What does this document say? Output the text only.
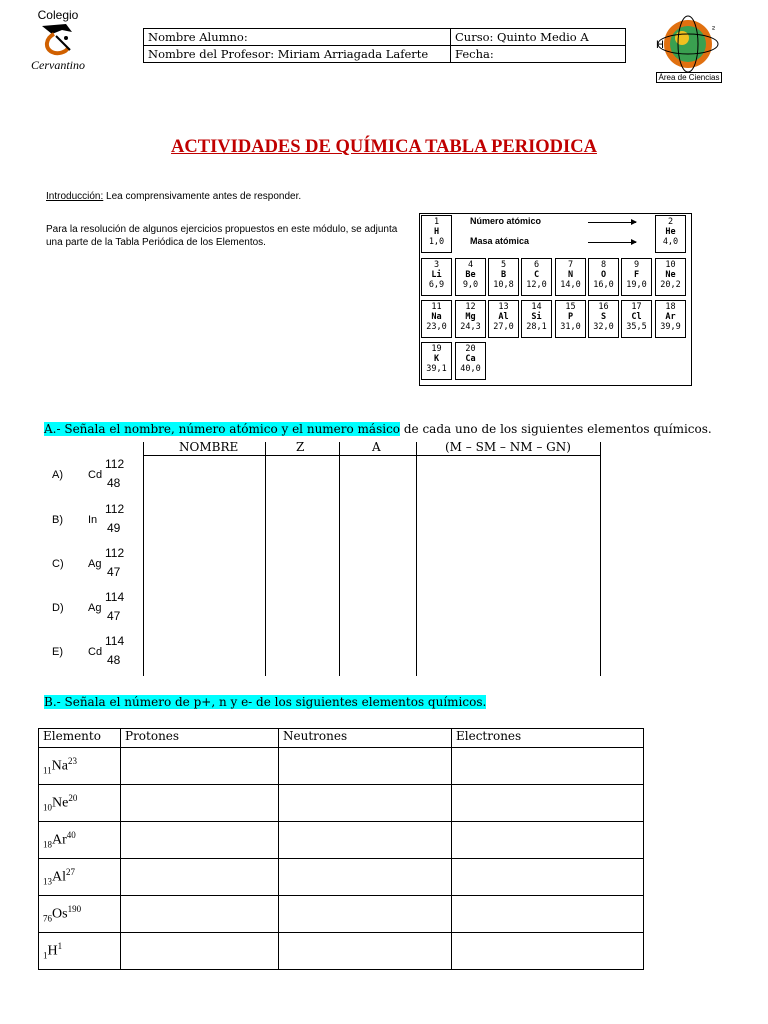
Colegio
Cervantino
Nombre Alumno:	Curso: Quinto Medio A
Nombre del Profesor: Miriam Arriagada Laferte	Fecha:
H
²
Área de Ciencias
ACTIVIDADES DE QUÍMICA TABLA PERIODICA
Introducción: Lea comprensivamente antes de responder.
Para la resolución de algunos ejercicios propuestos en este módulo, se adjunta una parte de la Tabla Periódica de los Elementos.
Número atómico
Masa atómica
1
H
1,0
2
He
4,0
3
Li
6,9
4
Be
9,0
5
B
10,8
6
C
12,0
7
N
14,0
8
O
16,0
9
F
19,0
10
Ne
20,2
11
Na
23,0
12
Mg
24,3
13
Al
27,0
14
Si
28,1
15
P
31,0
16
S
32,0
17
Cl
35,5
18
Ar
39,9
19
K
39,1
20
Ca
40,0
A.- Señala el nombre, número atómico y el numero másico de cada uno de los siguientes elementos químicos.
NOMBRE	Z	A	(M – SM – NM – GN)
A) Cd
112
48
B) In
112
49
C) Ag
112
47
D) Ag
114
47
E) Cd
114
48
B.- Señala el número de p+, n y e- de los siguientes elementos químicos.
Elemento	Protones	Neutrones	Electrones
$_{11}Na^{23}$			
$_{10}Ne^{20}$			
$_{18}Ar^{40}$			
$_{13}Al^{27}$			
$_{76}Os^{190}$			
$_1H^1$			
